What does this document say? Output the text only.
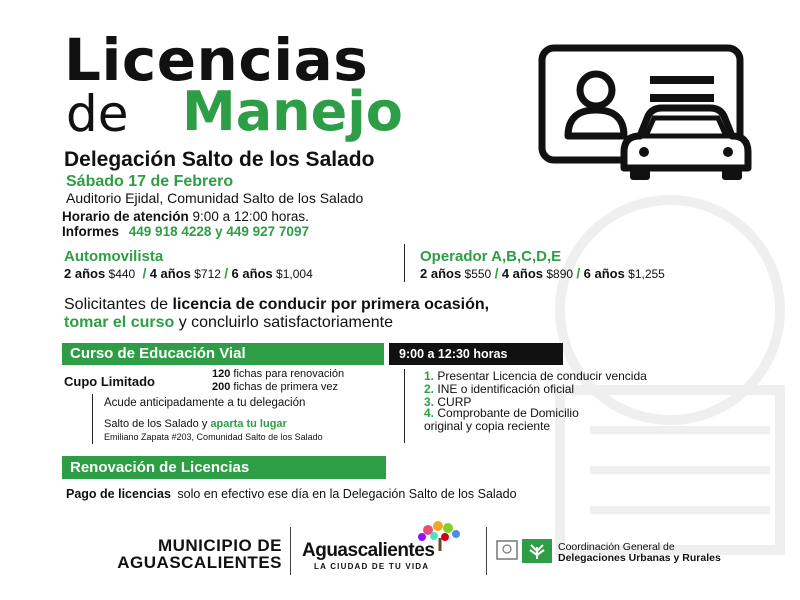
Licencias
de Manejo
Delegación Salto de los Salado
Sábado 17 de Febrero
Auditorio Ejidal, Comunidad Salto de los Salado
Horario de atención 9:00 a 12:00 horas.
Informes 449 918 4228 y 449 927 7097
Automovilista
2 años $440  / 4 años $712 / 6 años $1,004
Operador A,B,C,D,E
2 años $550 / 4 años $890 / 6 años $1,255
Solicitantes de licencia de conducir por primera ocasión,
tomar el curso y concluirlo satisfactoriamente
Curso de Educación Vial	9:00 a 12:30 horas
Cupo Limitado	120 fichas para renovación
200 fichas de primera vez
Acude anticipadamente a tu delegación
Salto de los Salado y aparta tu lugar
Emiliano Zapata #203, Comunidad Salto de los Salado
1. Presentar Licencia de conducir vencida
2. INE o identificación oficial
3. CURP
4. Comprobante de Domicilio
original y copia reciente
Renovación de Licencias
Pago de licencias solo en efectivo ese día en la Delegación Salto de los Salado
MUNICIPIO DE
AGUASCALIENTES
Aguascalientes
LA CIUDAD DE TU VIDA
Coordinación General de
Delegaciones Urbanas y Rurales
